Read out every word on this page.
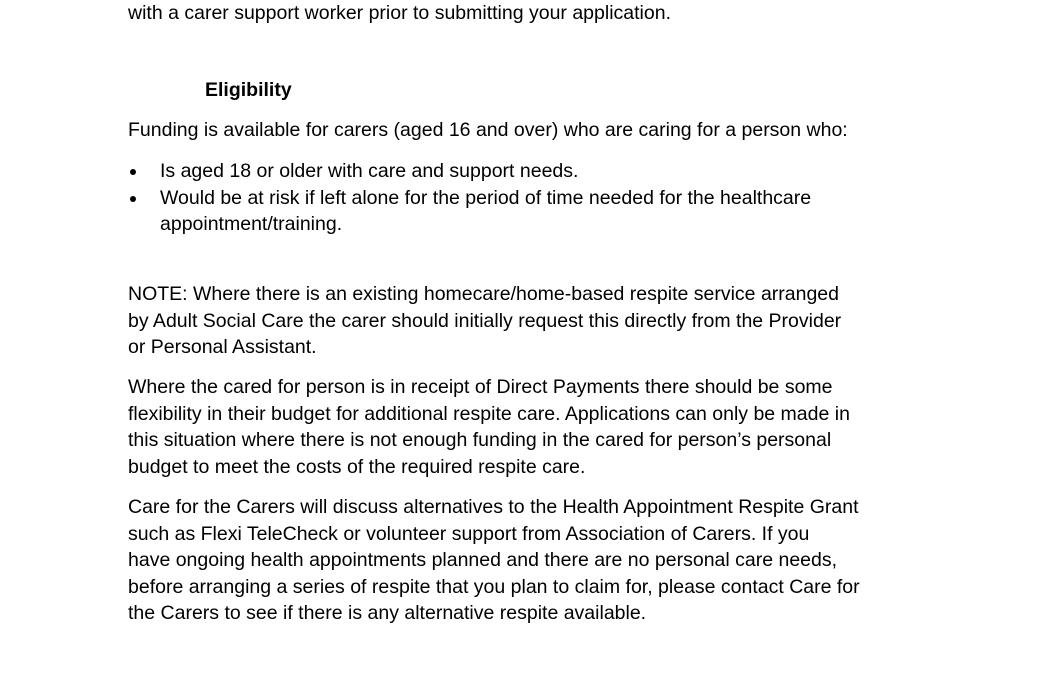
with a carer support worker prior to submitting your application.

Eligibility

Funding is available for carers (aged 16 and over) who are caring for a person who:

Is aged 18 or older with care and support needs.
Would be at risk if left alone for the period of time needed for the healthcare
appointment/training.

NOTE: Where there is an existing homecare/home-based respite service arranged
by Adult Social Care the carer should initially request this directly from the Provider
or Personal Assistant.

Where the cared for person is in receipt of Direct Payments there should be some
flexibility in their budget for additional respite care. Applications can only be made in
this situation where there is not enough funding in the cared for person’s personal
budget to meet the costs of the required respite care.

Care for the Carers will discuss alternatives to the Health Appointment Respite Grant
such as Flexi TeleCheck or volunteer support from Association of Carers. If you
have ongoing health appointments planned and there are no personal care needs,
before arranging a series of respite that you plan to claim for, please contact Care for
the Carers to see if there is any alternative respite available.
